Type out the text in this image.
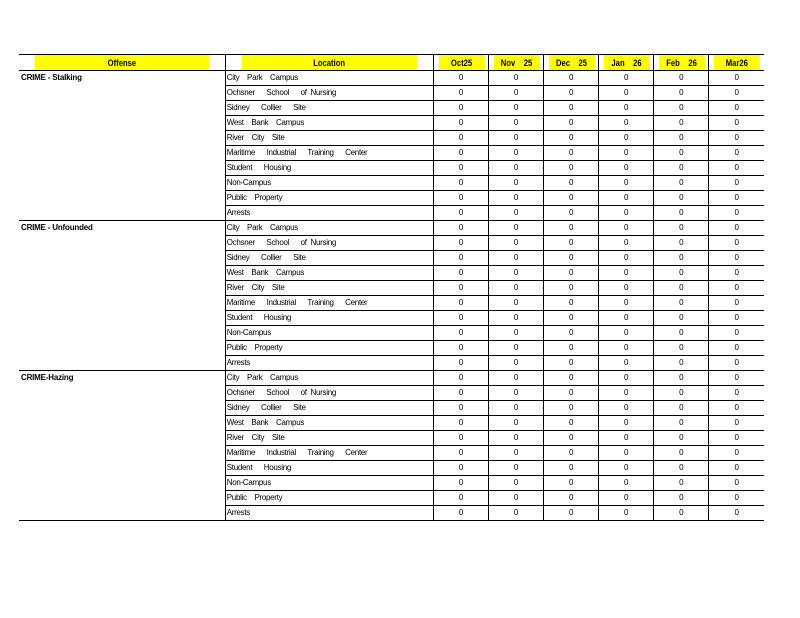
Offense	Location	Oct25	Nov    25	Dec    25	Jan    26	Feb    26	Mar26
CRIME - Stalking	City    Park    Campus	0	0	0	0	0	0
	Ochsner      School      of  Nursing	0	0	0	0	0	0
	Sidney      Collier      Site	0	0	0	0	0	0
	West    Bank    Campus	0	0	0	0	0	0
	River    City    Site	0	0	0	0	0	0
	Maritime      Industrial      Training      Center	0	0	0	0	0	0
	Student      Housing	0	0	0	0	0	0
	Non-Campus	0	0	0	0	0	0
	Public    Property	0	0	0	0	0	0
	Arrests	0	0	0	0	0	0
CRIME - Unfounded	City    Park    Campus	0	0	0	0	0	0
	Ochsner      School      of  Nursing	0	0	0	0	0	0
	Sidney      Collier      Site	0	0	0	0	0	0
	West    Bank    Campus	0	0	0	0	0	0
	River    City    Site	0	0	0	0	0	0
	Maritime      Industrial      Training      Center	0	0	0	0	0	0
	Student      Housing	0	0	0	0	0	0
	Non-Campus	0	0	0	0	0	0
	Public    Property	0	0	0	0	0	0
	Arrests	0	0	0	0	0	0
CRIME-Hazing	City    Park    Campus	0	0	0	0	0	0
	Ochsner      School      of  Nursing	0	0	0	0	0	0
	Sidney      Collier      Site	0	0	0	0	0	0
	West    Bank    Campus	0	0	0	0	0	0
	River    City    Site	0	0	0	0	0	0
	Maritime      Industrial      Training      Center	0	0	0	0	0	0
	Student      Housing	0	0	0	0	0	0
	Non-Campus	0	0	0	0	0	0
	Public    Property	0	0	0	0	0	0
	Arrests	0	0	0	0	0	0
